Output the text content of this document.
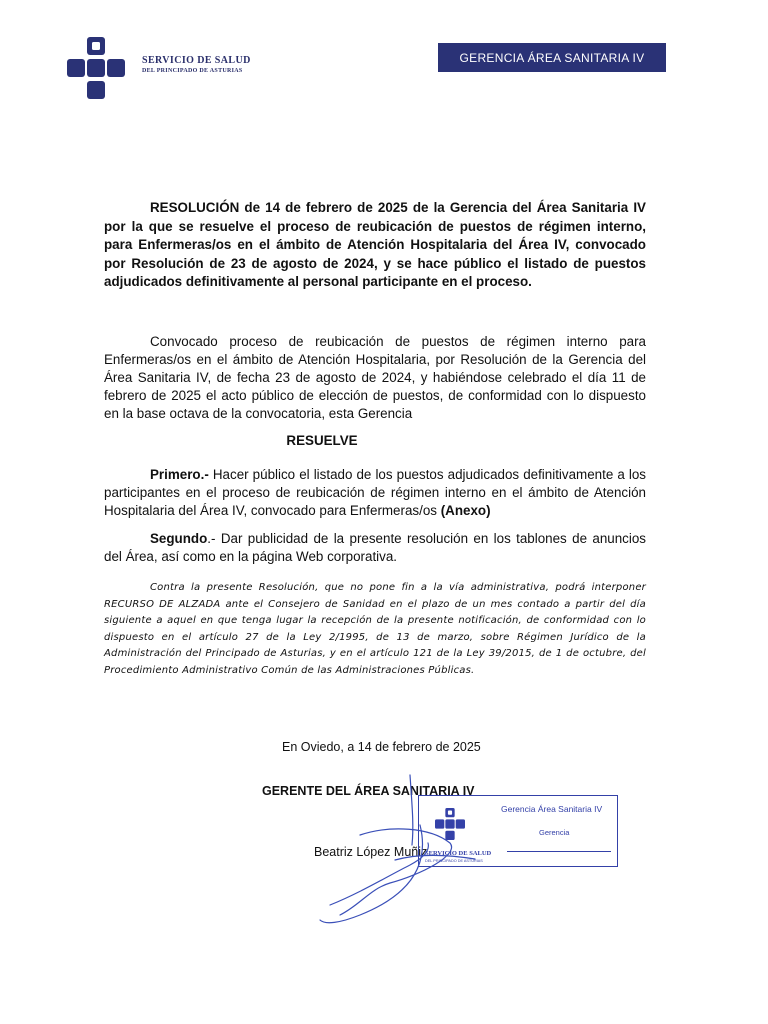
SERVICIO DE SALUD
DEL PRINCIPADO DE ASTURIAS
GERENCIA ÁREA SANITARIA IV
RESOLUCIÓN de 14 de febrero de 2025 de la Gerencia del Área Sanitaria IV por la que se resuelve el proceso de reubicación de puestos de régimen interno, para Enfermeras/os en el ámbito de Atención Hospitalaria del Área IV, convocado por Resolución de 23 de agosto de 2024, y se hace público el listado de puestos adjudicados definitivamente al personal participante en el proceso.
Convocado proceso de reubicación de puestos de régimen interno para Enfermeras/os en el ámbito de Atención Hospitalaria, por Resolución de la Gerencia del Área Sanitaria IV, de fecha 23 de agosto de 2024, y habiéndose celebrado el día 11 de febrero de 2025 el acto público de elección de puestos, de conformidad con lo dispuesto en la base octava de la convocatoria, esta Gerencia
RESUELVE
Primero.- Hacer público el listado de los puestos adjudicados definitivamente a los participantes en el proceso de reubicación de régimen interno en el ámbito de Atención Hospitalaria del Área IV, convocado para Enfermeras/os (Anexo)
Segundo.- Dar publicidad de la presente resolución en los tablones de anuncios del Área, así como en la página Web corporativa.
Contra la presente Resolución, que no pone fin a la vía administrativa, podrá interponer RECURSO DE ALZADA ante el Consejero de Sanidad en el plazo de un mes contado a partir del día siguiente a aquel en que tenga lugar la recepción de la presente notificación, de conformidad con lo dispuesto en el artículo 27 de la Ley 2/1995, de 13 de marzo, sobre Régimen Jurídico de la Administración del Principado de Asturias, y en el artículo 121 de la Ley 39/2015, de 1 de octubre, del Procedimiento Administrativo Común de las Administraciones Públicas.
En Oviedo, a 14 de febrero de 2025
GERENTE DEL ÁREA SANITARIA IV
Beatriz López Muñiz
SERVICIO DE SALUD
DEL PRINCIPADO DE ASTURIAS
Gerencia Área Sanitaria IV
Gerencia
